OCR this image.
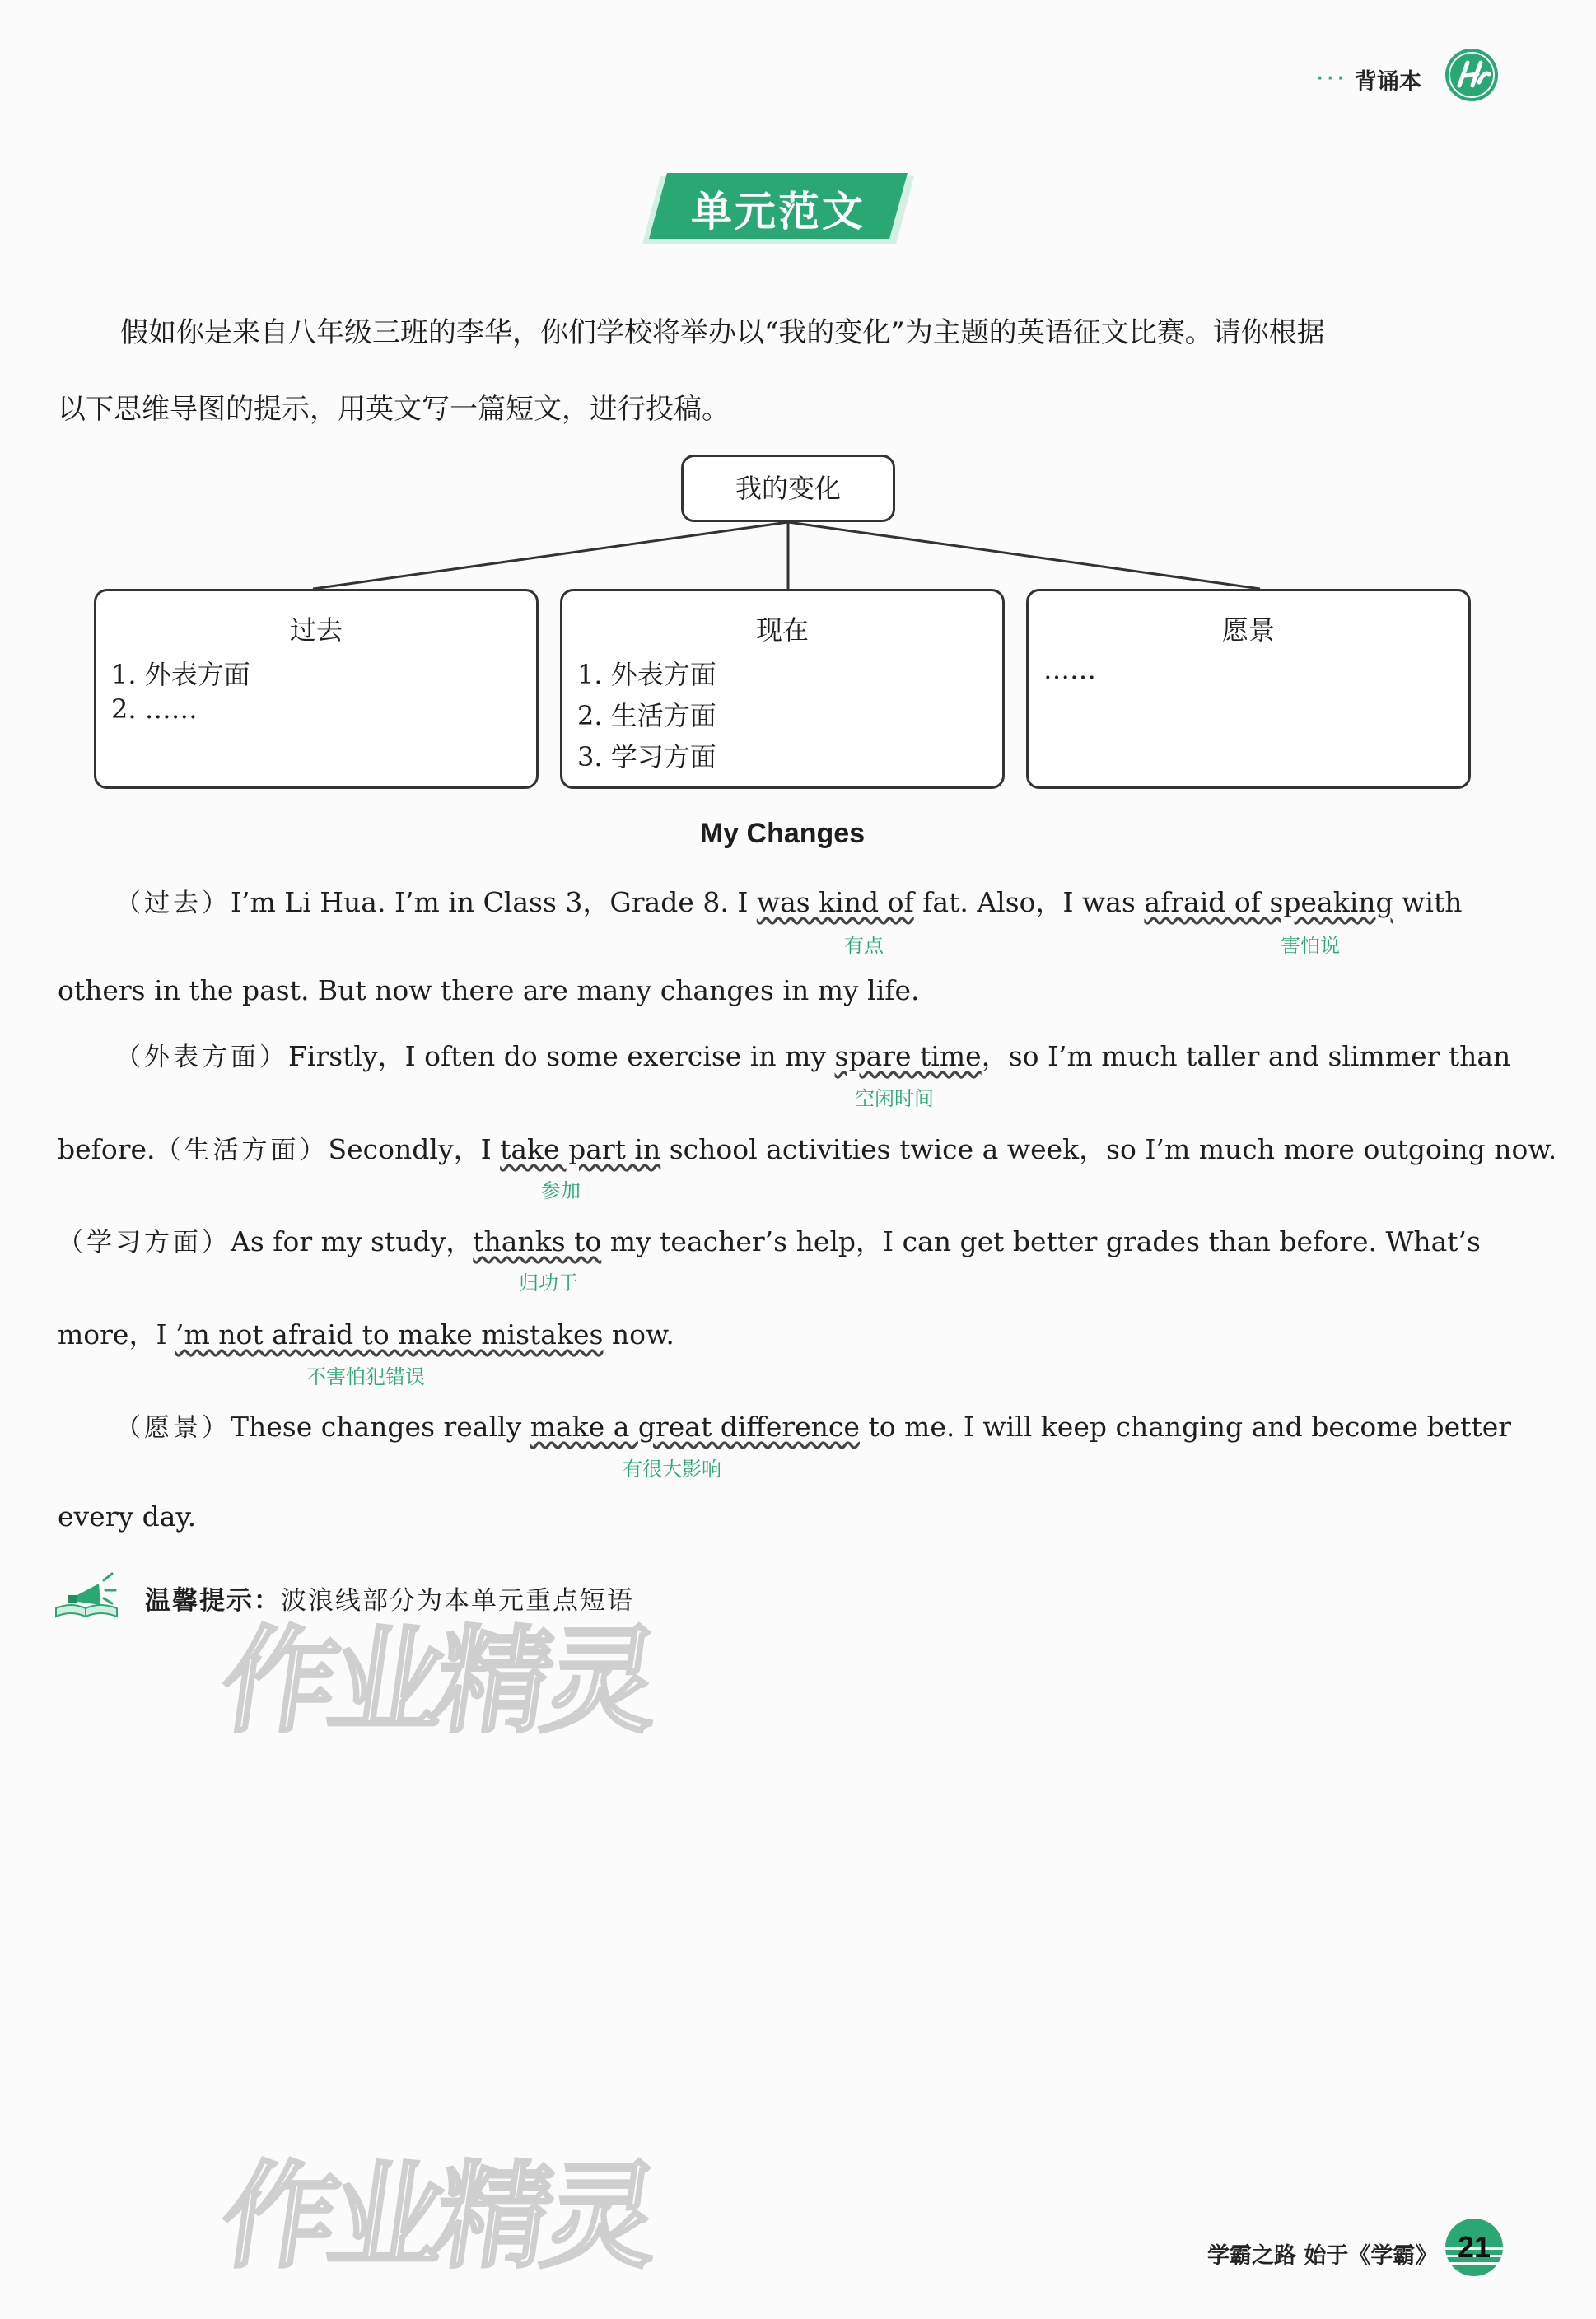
··· 背诵本
单元范文
假如你是来自八年级三班的李华，你们学校将举办以“我的变化”为主题的英语征文比赛。请你根据
以下思维导图的提示，用英文写一篇短文，进行投稿。
我的变化
过去
1. 外表方面
2. ……
现在
1. 外表方面
2. 生活方面
3. 学习方面
愿景
……
My Changes
（过去）I’m Li Hua. I’m in Class 3，Grade 8. I was kind of fat. Also，I was afraid of speaking with
有点	害怕说
others in the past. But now there are many changes in my life.
（外表方面）Firstly，I often do some exercise in my spare time，so I’m much taller and slimmer than
空闲时间
before.（生活方面）Secondly，I take part in school activities twice a week，so I’m much more outgoing now.
参加
（学习方面）As for my study，thanks to my teacher’s help，I can get better grades than before. What’s
归功于
more，I ’m not afraid to make mistakes now.
不害怕犯错误
（愿景）These changes really make a great difference to me. I will keep changing and become better
有很大影响
every day.
温馨提示：波浪线部分为本单元重点短语
作业精灵
作业精灵	学霸之路 始于《学霸》 21
